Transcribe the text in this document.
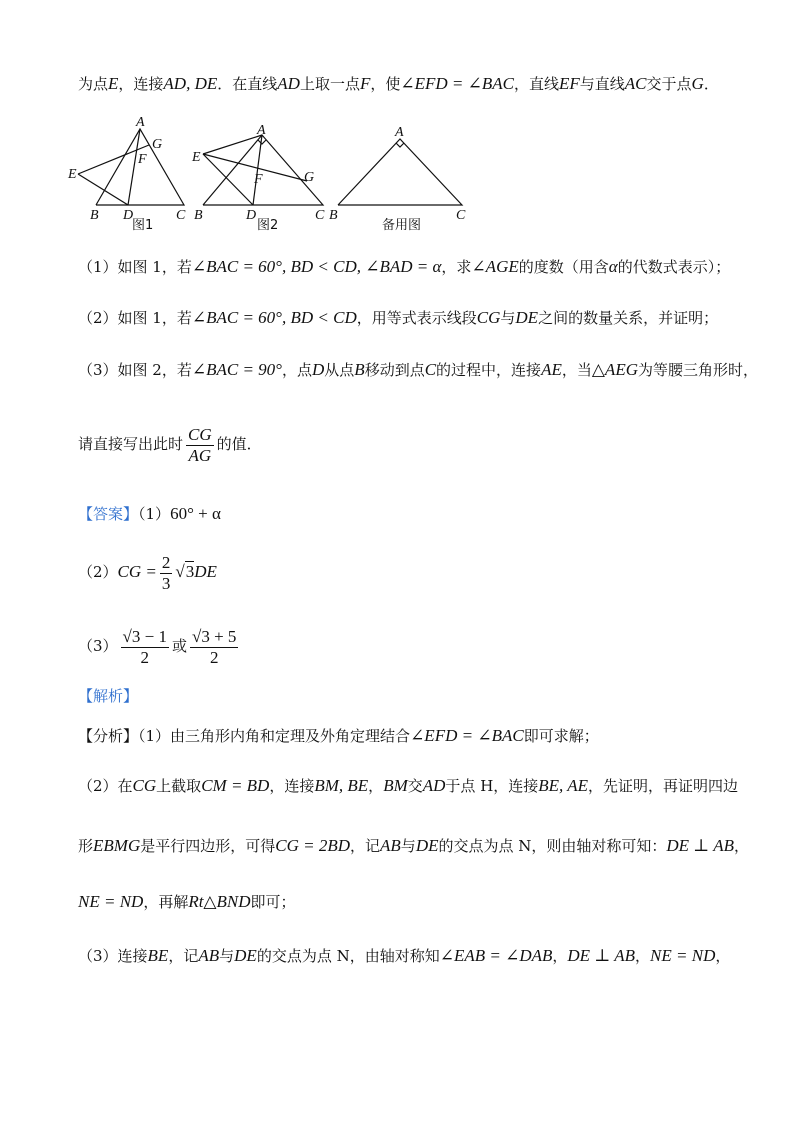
为点E，连接AD, DE．在直线AD上取一点F，使∠EFD = ∠BAC，直线EF与直线AC交于点G．
A
G
F
E
B D	C
A
E
F	G
B	D	C
A
B	C
图1	图2	备用图
（1）如图 1，若∠BAC = 60°, BD < CD, ∠BAD = α，求∠AGE的度数（用含α的代数式表示）；
（2）如图 1，若∠BAC = 60°, BD < CD，用等式表示线段CG与DE之间的数量关系，并证明；
（3）如图 2，若∠BAC = 90°，点D从点B移动到点C的过程中，连接AE，当△AEG为等腰三角形时，
请直接写出此时 $\frac{CG}{AG}$ 的值．
【答案】（1）60° + α
$(2)CG = \frac{2}{3} √3DE$
$(3) \frac{√3 - 1}{2}$ 或 $\frac{√3 + 5}{2}$
【解析】
【分析】（1）由三角形内角和定理及外角定理结合∠EFD = ∠BAC即可求解；
（2）在CG上截取CM = BD，连接BM, BE，BM交AD于点 H，连接BE, AE，先证明，再证明四边
形EBMG是平行四边形，可得CG = 2BD，记AB与DE的交点为点 N，则由轴对称可知：DE ⊥ AB，
NE = ND，再解Rt△BND即可；
（3）连接BE，记AB与DE的交点为点 N，由轴对称知∠EAB = ∠DAB，DE ⊥ AB，NE = ND，
